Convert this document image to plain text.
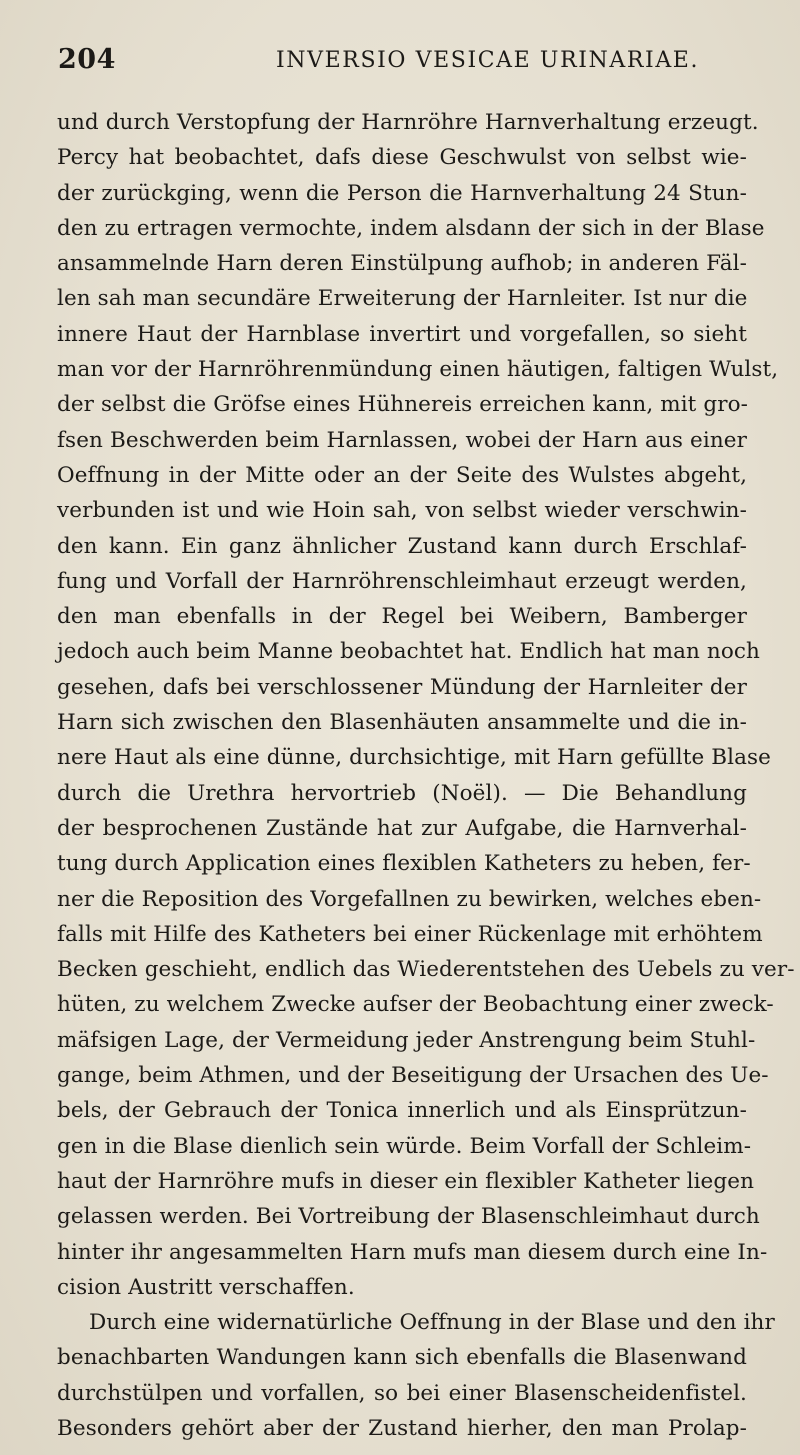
204	INVERSIO VESICAE URINARIAE.
und durch Verstopfung der Harnröhre Harnverhaltung erzeugt.
Percy hat beobachtet, dafs diese Geschwulst von selbst wie-
der zurückging, wenn die Person die Harnverhaltung 24 Stun-
den zu ertragen vermochte, indem alsdann der sich in der Blase
ansammelnde Harn deren Einstülpung aufhob; in anderen Fäl-
len sah man secundäre Erweiterung der Harnleiter. Ist nur die
innere Haut der Harnblase invertirt und vorgefallen, so sieht
man vor der Harnröhrenmündung einen häutigen, faltigen Wulst,
der selbst die Gröfse eines Hühnereis erreichen kann, mit gro-
fsen Beschwerden beim Harnlassen, wobei der Harn aus einer
Oeffnung in der Mitte oder an der Seite des Wulstes abgeht,
verbunden ist und wie Hoin sah, von selbst wieder verschwin-
den kann. Ein ganz ähnlicher Zustand kann durch Erschlaf-
fung und Vorfall der Harnröhrenschleimhaut erzeugt werden,
den man ebenfalls in der Regel bei Weibern, Bamberger
jedoch auch beim Manne beobachtet hat. Endlich hat man noch
gesehen, dafs bei verschlossener Mündung der Harnleiter der
Harn sich zwischen den Blasenhäuten ansammelte und die in-
nere Haut als eine dünne, durchsichtige, mit Harn gefüllte Blase
durch die Urethra hervortrieb (Noël). — Die Behandlung
der besprochenen Zustände hat zur Aufgabe, die Harnverhal-
tung durch Application eines flexiblen Katheters zu heben, fer-
ner die Reposition des Vorgefallnen zu bewirken, welches eben-
falls mit Hilfe des Katheters bei einer Rückenlage mit erhöhtem
Becken geschieht, endlich das Wiederentstehen des Uebels zu ver-
hüten, zu welchem Zwecke aufser der Beobachtung einer zweck-
mäfsigen Lage, der Vermeidung jeder Anstrengung beim Stuhl-
gange, beim Athmen, und der Beseitigung der Ursachen des Ue-
bels, der Gebrauch der Tonica innerlich und als Einsprützun-
gen in die Blase dienlich sein würde. Beim Vorfall der Schleim-
haut der Harnröhre mufs in dieser ein flexibler Katheter liegen
gelassen werden. Bei Vortreibung der Blasenschleimhaut durch
hinter ihr angesammelten Harn mufs man diesem durch eine In-
cision Austritt verschaffen.
Durch eine widernatürliche Oeffnung in der Blase und den ihr
benachbarten Wandungen kann sich ebenfalls die Blasenwand
durchstülpen und vorfallen, so bei einer Blasenscheidenfistel.
Besonders gehört aber der Zustand hierher, den man Prolap-
